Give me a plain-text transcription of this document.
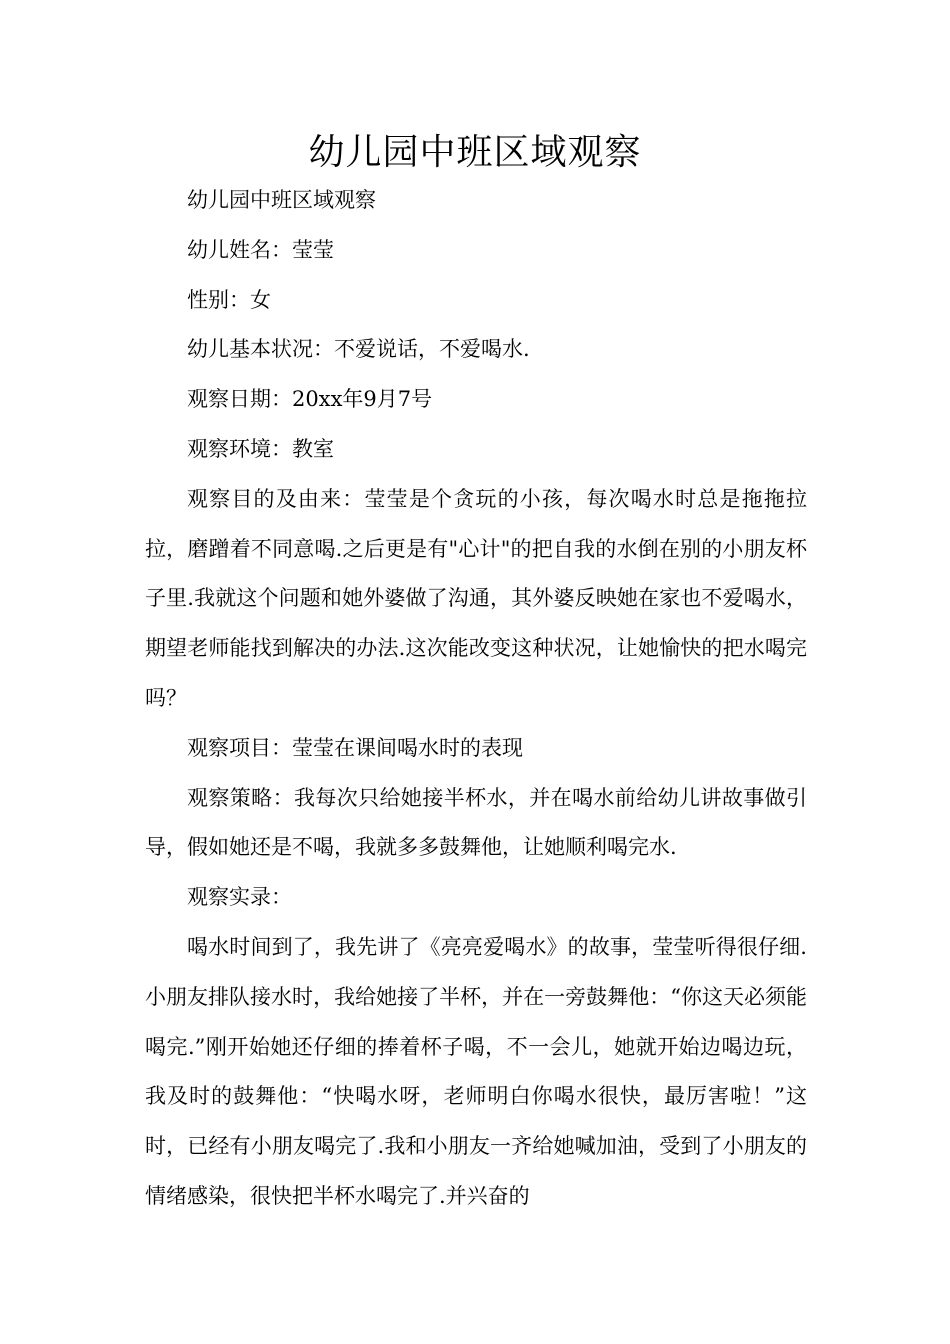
幼儿园中班区域观察

幼儿园中班区域观察

幼儿姓名：莹莹

性别：女

幼儿基本状况：不爱说话，不爱喝水.

观察日期：20xx年9月7号

观察环境：教室

观察目的及由来：莹莹是个贪玩的小孩，每次喝水时总是拖拖拉拉，磨蹭着不同意喝.之后更是有"心计"的把自我的水倒在别的小朋友杯子里.我就这个问题和她外婆做了沟通，其外婆反映她在家也不爱喝水，期望老师能找到解决的办法.这次能改变这种状况，让她愉快的把水喝完吗？

观察项目：莹莹在课间喝水时的表现

观察策略：我每次只给她接半杯水，并在喝水前给幼儿讲故事做引导，假如她还是不喝，我就多多鼓舞他，让她顺利喝完水.

观察实录：

喝水时间到了，我先讲了《亮亮爱喝水》的故事，莹莹听得很仔细.小朋友排队接水时，我给她接了半杯，并在一旁鼓舞他：“你这天必须能喝完.”刚开始她还仔细的捧着杯子喝，不一会儿，她就开始边喝边玩，我及时的鼓舞他：“快喝水呀，老师明白你喝水很快，最厉害啦！”这时，已经有小朋友喝完了.我和小朋友一齐给她喊加油，受到了小朋友的情绪感染，很快把半杯水喝完了.并兴奋的
